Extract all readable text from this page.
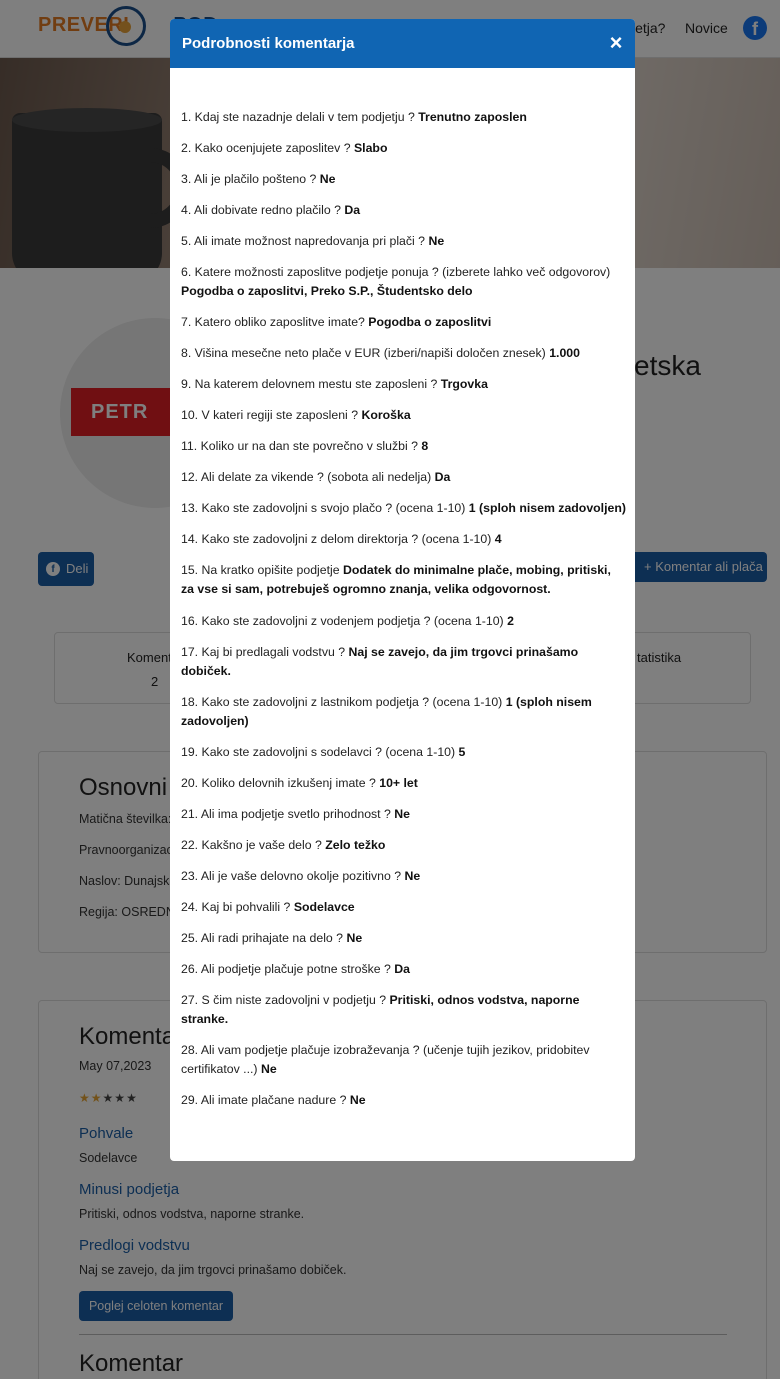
Podrobnosti komentarja	×
1. Kdaj ste nazadnje delali v tem podjetju ? Trenutno zaposlen
2. Kako ocenjujete zaposlitev ? Slabo
3. Ali je plačilo pošteno ? Ne
4. Ali dobivate redno plačilo ? Da
5. Ali imate možnost napredovanja pri plači ? Ne
6. Katere možnosti zaposlitve podjetje ponuja ? (izberete lahko več odgovorov) Pogodba o zaposlitvi, Preko S.P., Študentsko delo
7. Katero obliko zaposlitve imate? Pogodba o zaposlitvi
8. Višina mesečne neto plače v EUR (izberi/napiši določen znesek) 1.000
9. Na katerem delovnem mestu ste zaposleni ? Trgovka
10. V kateri regiji ste zaposleni ? Koroška
11. Koliko ur na dan ste povrečno v službi ? 8
12. Ali delate za vikende ? (sobota ali nedelja) Da
13. Kako ste zadovoljni s svojo plačo ? (ocena 1-10) 1 (sploh nisem zadovoljen)
14. Kako ste zadovoljni z delom direktorja ? (ocena 1-10) 4
15. Na kratko opišite podjetje Dodatek do minimalne plače, mobing, pritiski, za vse si sam, potrebuješ ogromno znanja, velika odgovornost.
16. Kako ste zadovoljni z vodenjem podjetja ? (ocena 1-10) 2
17. Kaj bi predlagali vodstvu ? Naj se zavejo, da jim trgovci prinašamo dobiček.
18. Kako ste zadovoljni z lastnikom podjetja ? (ocena 1-10) 1 (sploh nisem zadovoljen)
19. Kako ste zadovoljni s sodelavci ? (ocena 1-10) 5
20. Koliko delovnih izkušenj imate ? 10+ let
21. Ali ima podjetje svetlo prihodnost ? Ne
22. Kakšno je vaše delo ? Zelo težko
23. Ali je vaše delovno okolje pozitivno ? Ne
24. Kaj bi pohvalili ? Sodelavce
25. Ali radi prihajate na delo ? Ne
26. Ali podjetje plačuje potne stroške ? Da
27. S čim niste zadovoljni v podjetju ? Pritiski, odnos vodstva, naporne stranke.
28. Ali vam podjetje plačuje izobraževanja ? (učenje tujih jezikov, pridobitev certifikatov ...) Ne
29. Ali imate plačane nadure ? Ne
